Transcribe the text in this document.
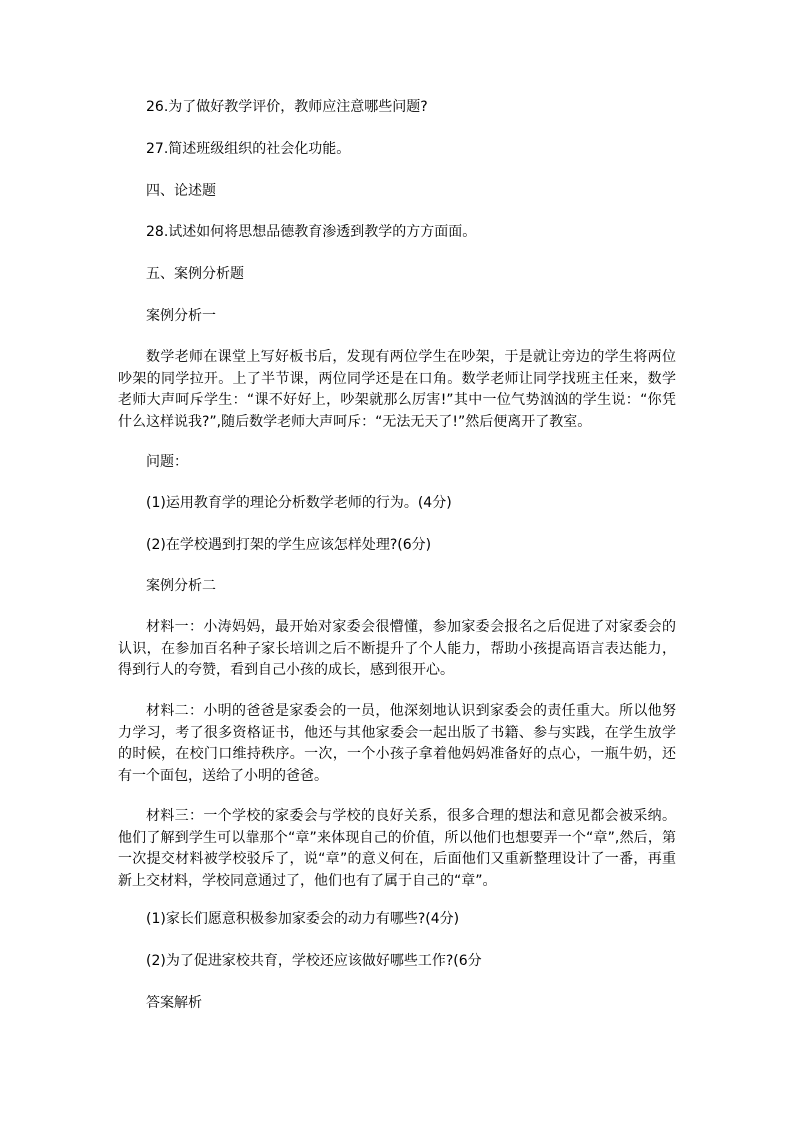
26.为了做好教学评价，教师应注意哪些问题?
27.简述班级组织的社会化功能。
四、论述题
28.试述如何将思想品德教育渗透到教学的方方面面。
五、案例分析题
案例分析一
数学老师在课堂上写好板书后，发现有两位学生在吵架，于是就让旁边的学生将两位吵架的同学拉开。上了半节课，两位同学还是在口角。数学老师让同学找班主任来，数学老师大声呵斥学生：“课不好好上，吵架就那么厉害!”其中一位气势汹汹的学生说：“你凭什么这样说我?”,随后数学老师大声呵斥：“无法无天了!”然后便离开了教室。
问题：
(1)运用教育学的理论分析数学老师的行为。(4分)
(2)在学校遇到打架的学生应该怎样处理?(6分)
案例分析二
材料一：小涛妈妈，最开始对家委会很懵懂，参加家委会报名之后促进了对家委会的认识，在参加百名种子家长培训之后不断提升了个人能力，帮助小孩提高语言表达能力，得到行人的夸赞，看到自己小孩的成长，感到很开心。
材料二：小明的爸爸是家委会的一员，他深刻地认识到家委会的责任重大。所以他努力学习，考了很多资格证书，他还与其他家委会一起出版了书籍、参与实践，在学生放学的时候，在校门口维持秩序。一次，一个小孩子拿着他妈妈准备好的点心，一瓶牛奶，还有一个面包，送给了小明的爸爸。
材料三：一个学校的家委会与学校的良好关系，很多合理的想法和意见都会被采纳。他们了解到学生可以靠那个“章”来体现自己的价值，所以他们也想要弄一个“章”,然后，第一次提交材料被学校驳斥了，说“章”的意义何在，后面他们又重新整理设计了一番，再重新上交材料，学校同意通过了，他们也有了属于自己的“章”。
(1)家长们愿意积极参加家委会的动力有哪些?(4分)
(2)为了促进家校共育，学校还应该做好哪些工作?(6分
答案解析
